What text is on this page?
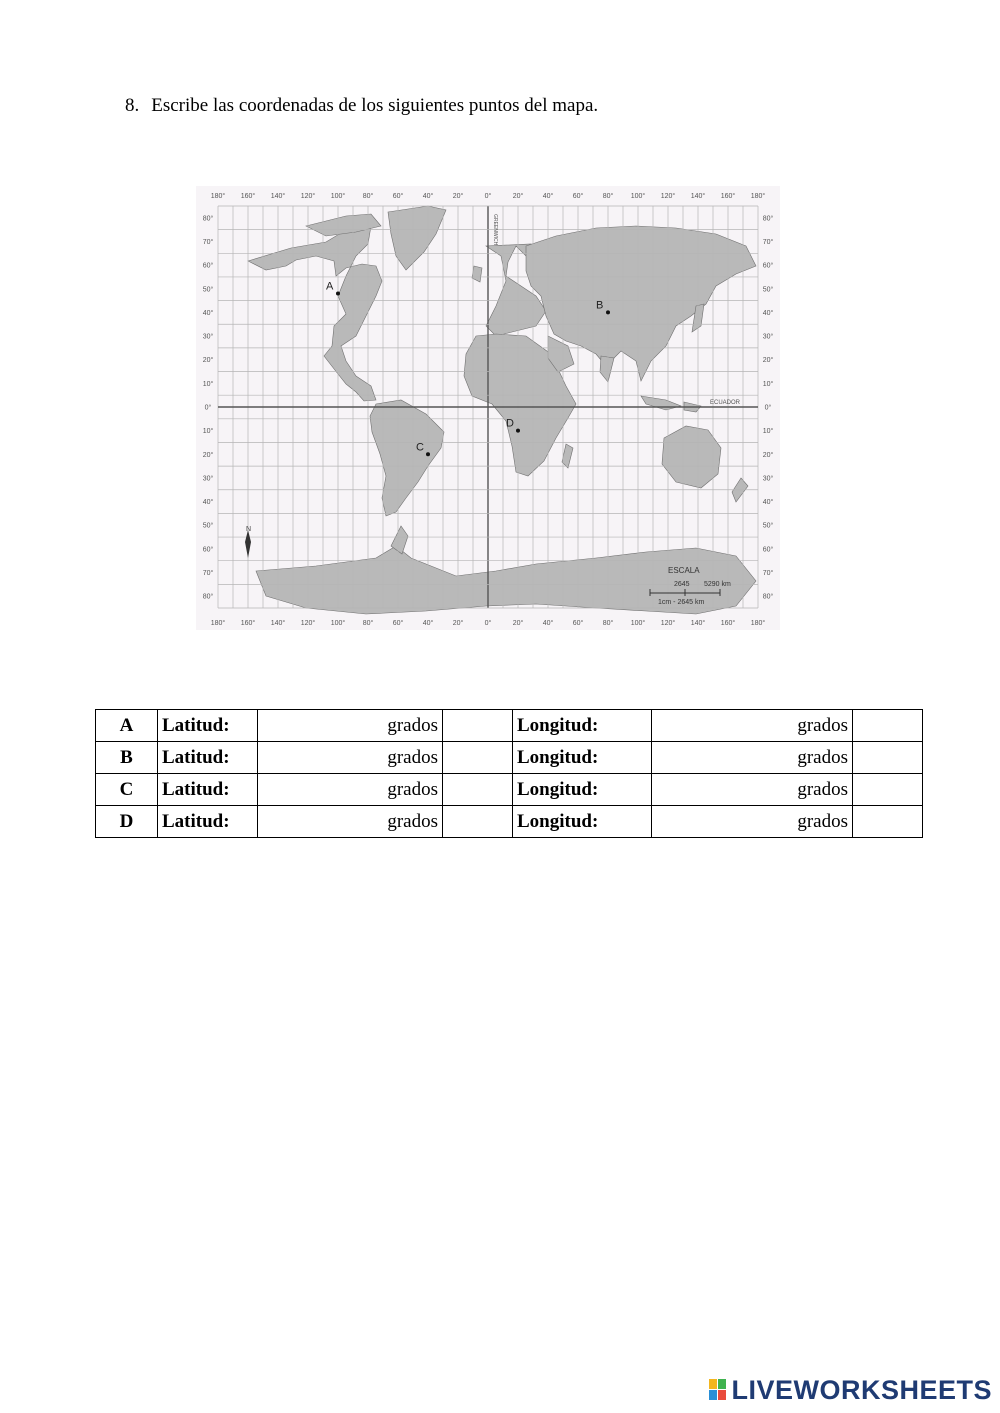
8. Escribe las coordenadas de los siguientes puntos del mapa.
180°
180°
160°
160°
140°
140°
120°
120°
100°
100°
80°
80°
60°
60°
40°
40°
20°
20°
0°
0°
20°
20°
40°
40°
60°
60°
80°
80°
100°
100°
120°
120°
140°
140°
160°
160°
180°
180°
80°	80°
70°	70°
60°	60°
50°	50°
40°	40°
30°	30°
20°	20°
10°	10°
0°	0°
10°	10°
20°	20°
30°	30°
40°	40°
50°	50°
60°	60°
70°	70°
80°	80°
ECUADOR
GREENWICH
A
B
C
D
N
ESCALA
2645 5290 km
1cm - 2645 km
A	Latitud:	grados		Longitud:	grados	
B	Latitud:	grados		Longitud:	grados	
C	Latitud:	grados		Longitud:	grados	
D	Latitud:	grados		Longitud:	grados	
LIVEWORKSHEETS
